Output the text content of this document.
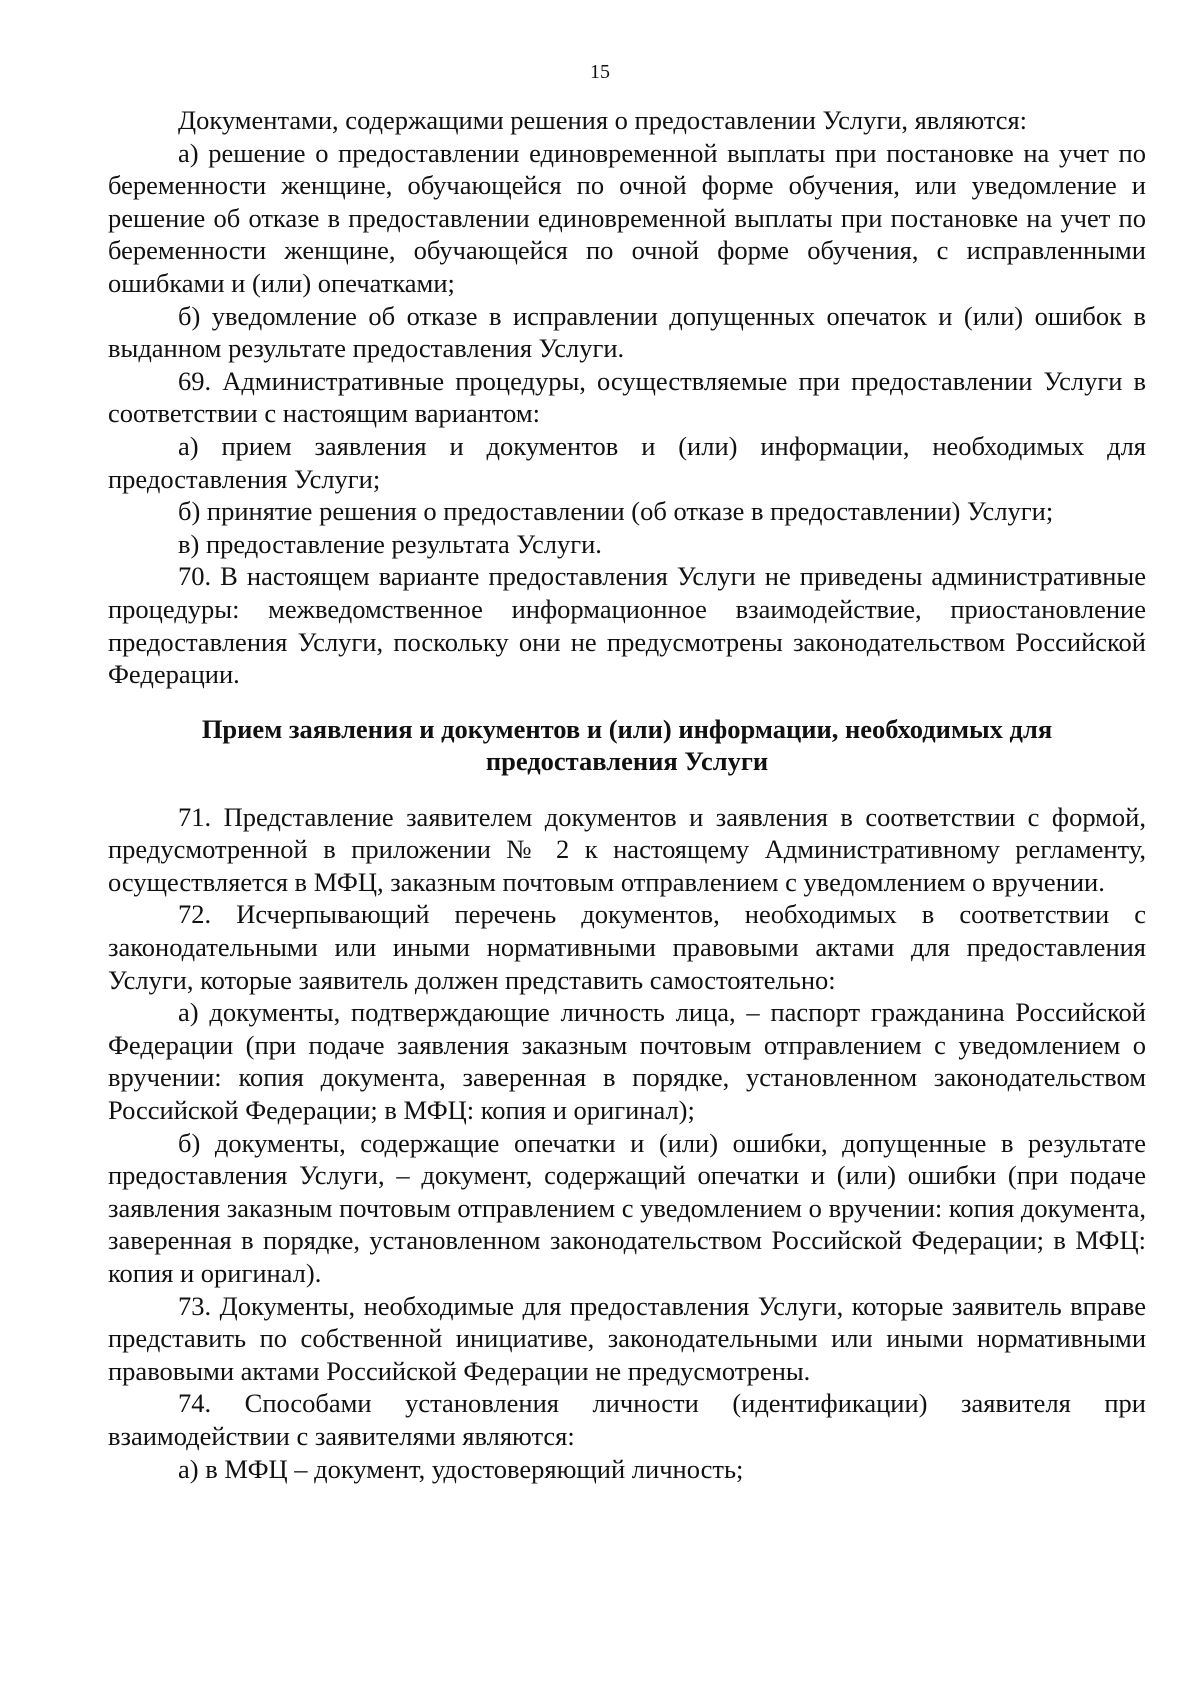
15

Документами, содержащими решения о предоставлении Услуги, являются:

а) решение о предоставлении единовременной выплаты при постановке на учет по беременности женщине, обучающейся по очной форме обучения, или уведомление и решение об отказе в предоставлении единовременной выплаты при постановке на учет по беременности женщине, обучающейся по очной форме обучения, с исправленными ошибками и (или) опечатками;

б) уведомление об отказе в исправлении допущенных опечаток и (или) ошибок в выданном результате предоставления Услуги.

69. Административные процедуры, осуществляемые при предоставлении Услуги в соответствии с настоящим вариантом:

а) прием заявления и документов и (или) информации, необходимых для предоставления Услуги;

б) принятие решения о предоставлении (об отказе в предоставлении) Услуги;

в) предоставление результата Услуги.

70. В настоящем варианте предоставления Услуги не приведены административные процедуры: межведомственное информационное взаимодействие, приостановление предоставления Услуги, поскольку они не предусмотрены законодательством Российской Федерации.

Прием заявления и документов и (или) информации, необходимых для предоставления Услуги

71. Представление заявителем документов и заявления в соответствии с формой, предусмотренной в приложении № 2 к настоящему Административному регламенту, осуществляется в МФЦ, заказным почтовым отправлением с уведомлением о вручении.

72. Исчерпывающий перечень документов, необходимых в соответствии с законодательными или иными нормативными правовыми актами для предоставления Услуги, которые заявитель должен представить самостоятельно:

а) документы, подтверждающие личность лица, – паспорт гражданина Российской Федерации (при подаче заявления заказным почтовым отправлением с уведомлением о вручении: копия документа, заверенная в порядке, установленном законодательством Российской Федерации; в МФЦ: копия и оригинал);

б) документы, содержащие опечатки и (или) ошибки, допущенные в результате предоставления Услуги, – документ, содержащий опечатки и (или) ошибки (при подаче заявления заказным почтовым отправлением с уведомлением о вручении: копия документа, заверенная в порядке, установленном законодательством Российской Федерации; в МФЦ: копия и оригинал).

73. Документы, необходимые для предоставления Услуги, которые заявитель вправе представить по собственной инициативе, законодательными или иными нормативными правовыми актами Российской Федерации не предусмотрены.

74. Способами установления личности (идентификации) заявителя при взаимодействии с заявителями являются:

а) в МФЦ – документ, удостоверяющий личность;
